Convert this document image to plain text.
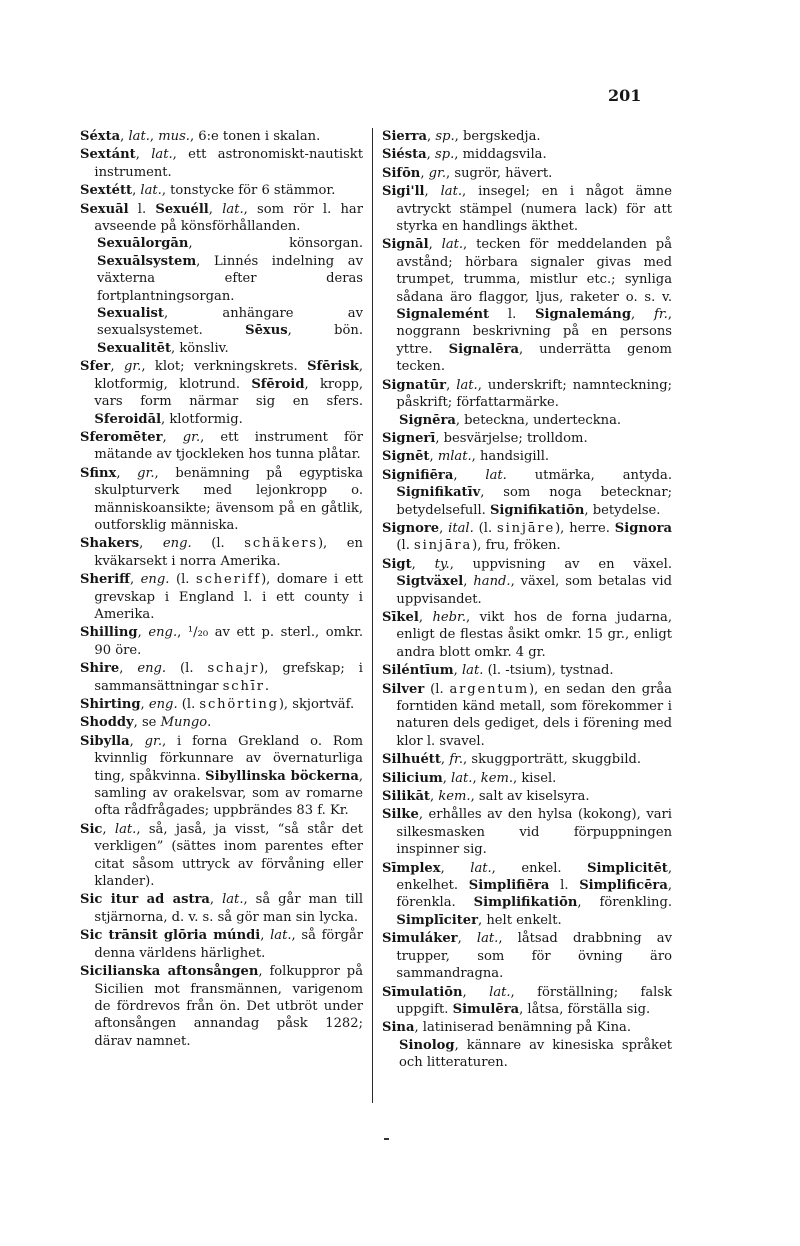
201

Séxta, lat., mus., 6:e tonen i skalan.

Sextánt, lat., ett astronomiskt-nautiskt instrument.

Sextétt, lat., tonstycke för 6 stämmor.

Sexuāl l. Sexuéll, lat., som rör l. har avseende på könsförhållanden.
Sexuālorgān, könsorgan. Sexuālsystem, Linnés indelning av växterna efter deras fortplantningsorgan.
Sexualist, anhängare av sexualsystemet. Sēxus, bön. Sexualitēt, könsliv.

Sfer, gr., klot; verkningskrets. Sfērisk, klotformig, klotrund. Sfēroid, kropp, vars form närmar sig en sfers. Sferoidāl, klotformig.

Sferomēter, gr., ett instrument för mätande av tjockleken hos tunna plåtar.

Sfinx, gr., benämning på egyptiska skulpturverk med lejonkropp o. människoansikte; ävensom på en gåtlik, outforsklig människa.

Shakers, eng. (l. schäkers), en kväkarsekt i norra Amerika.

Sheriff, eng. (l. scheriff), domare i ett grevskap i England l. i ett county i Amerika.

Shilling, eng., ¹/₂₀ av ett p. sterl., omkr. 90 öre.

Shire, eng. (l. schajr), grefskap; i sammansättningar schīr.

Shirting, eng. (l. schörting), skjortväf.

Shoddy, se Mungo.

Sibylla, gr., i forna Grekland o. Rom kvinnlig förkunnare av övernaturliga ting, spåkvinna. Sibyllinska böckerna, samling av orakelsvar, som av romarne ofta rådfrågades; uppbrändes 83 f. Kr.

Sic, lat., så, jaså, ja visst, “så står det verkligen” (sättes inom parentes efter citat såsom uttryck av förvåning eller klander).

Sic itur ad astra, lat., så går man till stjärnorna, d. v. s. så gör man sin lycka.

Sic trānsit glōria múndi, lat., så förgår denna världens härlighet.

Sicilianska aftonsången, folkuppror på Sicilien mot fransmännen, varigenom de fördrevos från ön. Det utbröt under aftonsången annandag påsk 1282; därav namnet.

Sierra, sp., bergskedja.

Siésta, sp., middagsvila.

Sifōn, gr., sugrör, hävert.

Sigi'll, lat., insegel; en i något ämne avtryckt stämpel (numera lack) för att styrka en handlings äkthet.

Signāl, lat., tecken för meddelanden på avstånd; hörbara signaler givas med trumpet, trumma, mistlur etc.; synliga sådana äro flaggor, ljus, raketer o. s. v. Signalemént l. Signalemáng, fr., noggrann beskrivning på en persons yttre. Signalēra, underrätta genom tecken.

Signatūr, lat., underskrift; namnteckning; påskrift; författarmärke.
Signēra, beteckna, underteckna.

Signerī, besvärjelse; trolldom.

Signēt, mlat., handsigill.

Signifiēra, lat. utmärka, antyda. Signifikatīv, som noga betecknar; betydelsefull. Signifikatiōn, betydelse.

Signore, ital. (l. sinjāre), herre. Signora (l. sinjāra), fru, fröken.

Sigt, ty., uppvisning av en växel. Sigtväxel, hand., växel, som betalas vid uppvisandet.

Sīkel, hebr., vikt hos de forna judarna, enligt de flestas åsikt omkr. 15 gr., enligt andra blott omkr. 4 gr.

Siléntīum, lat. (l. -tsium), tystnad.

Silver (l. argentum), en sedan den gråa forntiden känd metall, som förekommer i naturen dels gediget, dels i förening med klor l. svavel.

Silhuétt, fr., skuggporträtt, skuggbild.

Silicium, lat., kem., kisel.

Silikāt, kem., salt av kiselsyra.

Silke, erhålles av den hylsa (kokong), vari silkesmasken vid förpuppningen inspinner sig.

Sīmplex, lat., enkel. Simplicitēt, enkelhet. Simplifiēra l. Simplificēra, förenkla. Simplifikatiōn, förenkling. Simplīciter, helt enkelt.

Simuláker, lat., låtsad drabbning av trupper, som för övning äro sammandragna.

Sīmulatiōn, lat., förställning; falsk uppgift. Simulēra, låtsa, förställa sig.

Sina, latiniserad benämning på Kina.
Sinolog, kännare av kinesiska språket och litteraturen.
